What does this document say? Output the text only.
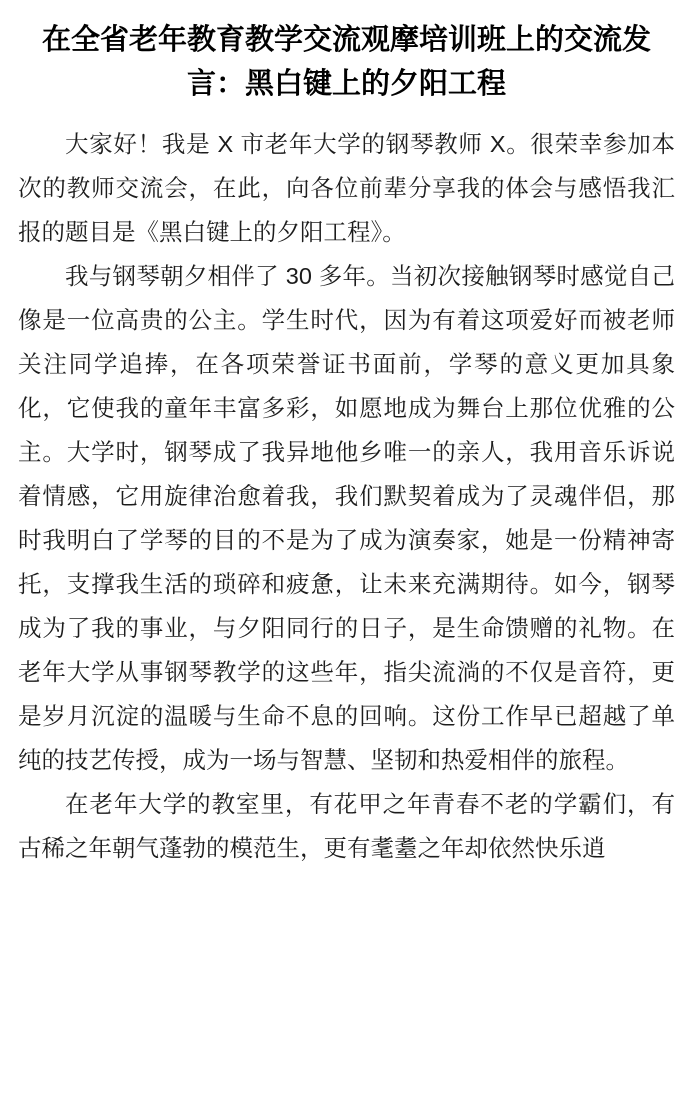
在全省老年教育教学交流观摩培训班上的交流发言：黑白键上的夕阳工程

大家好！我是 X 市老年大学的钢琴教师 X。很荣幸参加本次的教师交流会，在此，向各位前辈分享我的体会与感悟我汇报的题目是《黑白键上的夕阳工程》。

我与钢琴朝夕相伴了 30 多年。当初次接触钢琴时感觉自己像是一位高贵的公主。学生时代，因为有着这项爱好而被老师关注同学追捧，在各项荣誉证书面前，学琴的意义更加具象化，它使我的童年丰富多彩，如愿地成为舞台上那位优雅的公主。大学时，钢琴成了我异地他乡唯一的亲人，我用音乐诉说着情感，它用旋律治愈着我，我们默契着成为了灵魂伴侣，那时我明白了学琴的目的不是为了成为演奏家，她是一份精神寄托，支撑我生活的琐碎和疲惫，让未来充满期待。如今，钢琴成为了我的事业，与夕阳同行的日子，是生命馈赠的礼物。在老年大学从事钢琴教学的这些年，指尖流淌的不仅是音符，更是岁月沉淀的温暖与生命不息的回响。这份工作早已超越了单纯的技艺传授，成为一场与智慧、坚韧和热爱相伴的旅程。

在老年大学的教室里，有花甲之年青春不老的学霸们，有古稀之年朝气蓬勃的模范生，更有耄耋之年却依然快乐逍
